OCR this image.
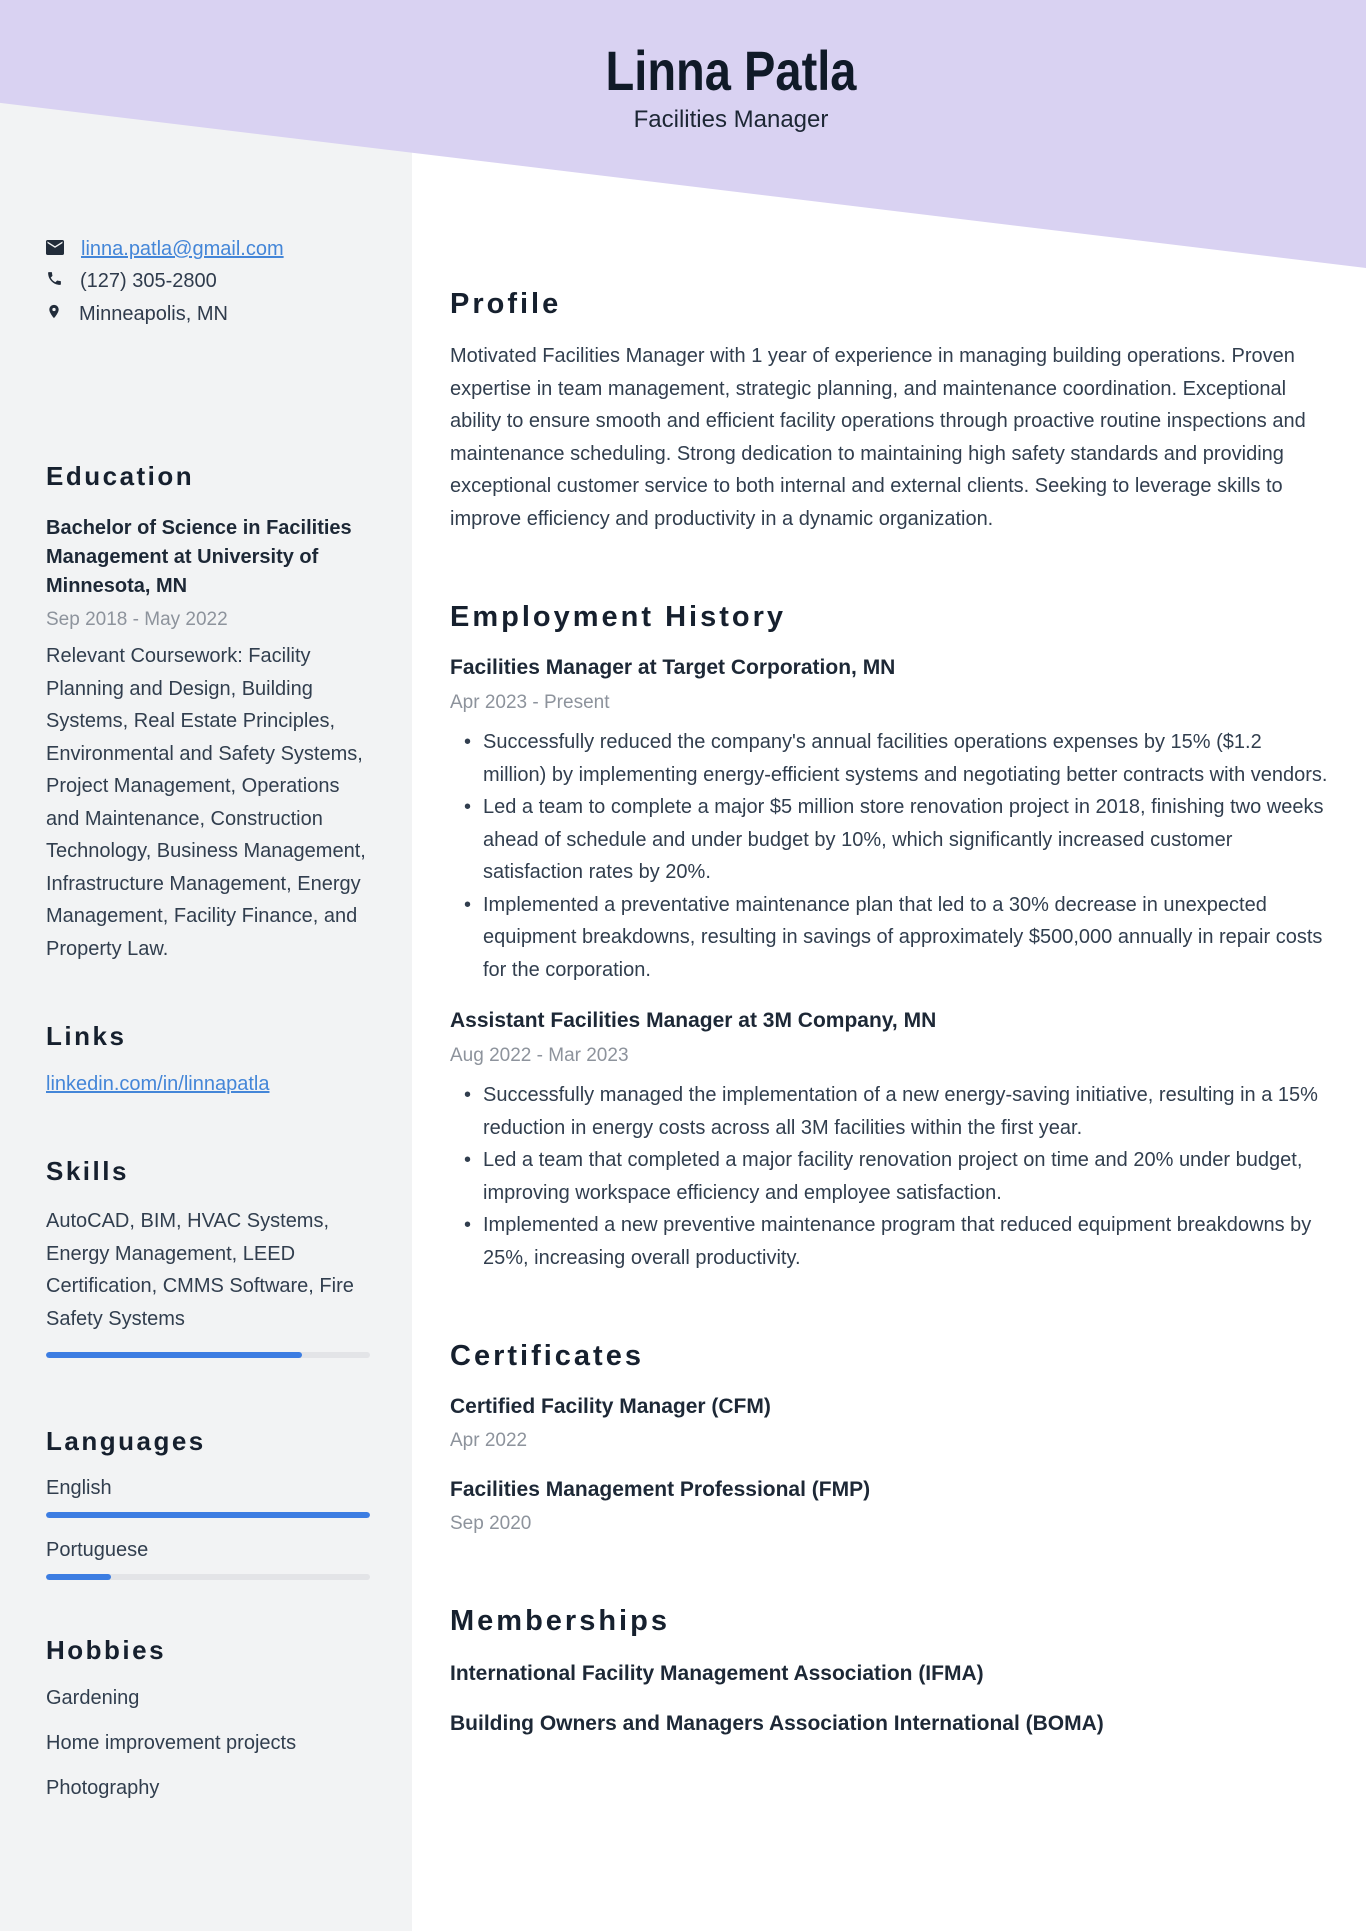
Linna Patla
Facilities Manager
linna.patla@gmail.com
(127) 305-2800
Minneapolis, MN
Education
Bachelor of Science in Facilities Management at University of Minnesota, MN
Sep 2018 - May 2022
Relevant Coursework: Facility Planning and Design, Building Systems, Real Estate Principles, Environmental and Safety Systems, Project Management, Operations and Maintenance, Construction Technology, Business Management, Infrastructure Management, Energy Management, Facility Finance, and Property Law.
Links
linkedin.com/in/linnapatla
Skills
AutoCAD, BIM, HVAC Systems, Energy Management, LEED Certification, CMMS Software, Fire Safety Systems
Languages
English
Portuguese
Hobbies
Gardening
Home improvement projects
Photography
Profile
Motivated Facilities Manager with 1 year of experience in managing building operations. Proven expertise in team management, strategic planning, and maintenance coordination. Exceptional ability to ensure smooth and efficient facility operations through proactive routine inspections and maintenance scheduling. Strong dedication to maintaining high safety standards and providing exceptional customer service to both internal and external clients. Seeking to leverage skills to improve efficiency and productivity in a dynamic organization.
Employment History
Facilities Manager at Target Corporation, MN
Apr 2023 - Present
• Successfully reduced the company's annual facilities operations expenses by 15% ($1.2 million) by implementing energy-efficient systems and negotiating better contracts with vendors.
• Led a team to complete a major $5 million store renovation project in 2018, finishing two weeks ahead of schedule and under budget by 10%, which significantly increased customer satisfaction rates by 20%.
• Implemented a preventative maintenance plan that led to a 30% decrease in unexpected equipment breakdowns, resulting in savings of approximately $500,000 annually in repair costs for the corporation.
Assistant Facilities Manager at 3M Company, MN
Aug 2022 - Mar 2023
• Successfully managed the implementation of a new energy-saving initiative, resulting in a 15% reduction in energy costs across all 3M facilities within the first year.
• Led a team that completed a major facility renovation project on time and 20% under budget, improving workspace efficiency and employee satisfaction.
• Implemented a new preventive maintenance program that reduced equipment breakdowns by 25%, increasing overall productivity.
Certificates
Certified Facility Manager (CFM)
Apr 2022
Facilities Management Professional (FMP)
Sep 2020
Memberships
International Facility Management Association (IFMA)
Building Owners and Managers Association International (BOMA)
